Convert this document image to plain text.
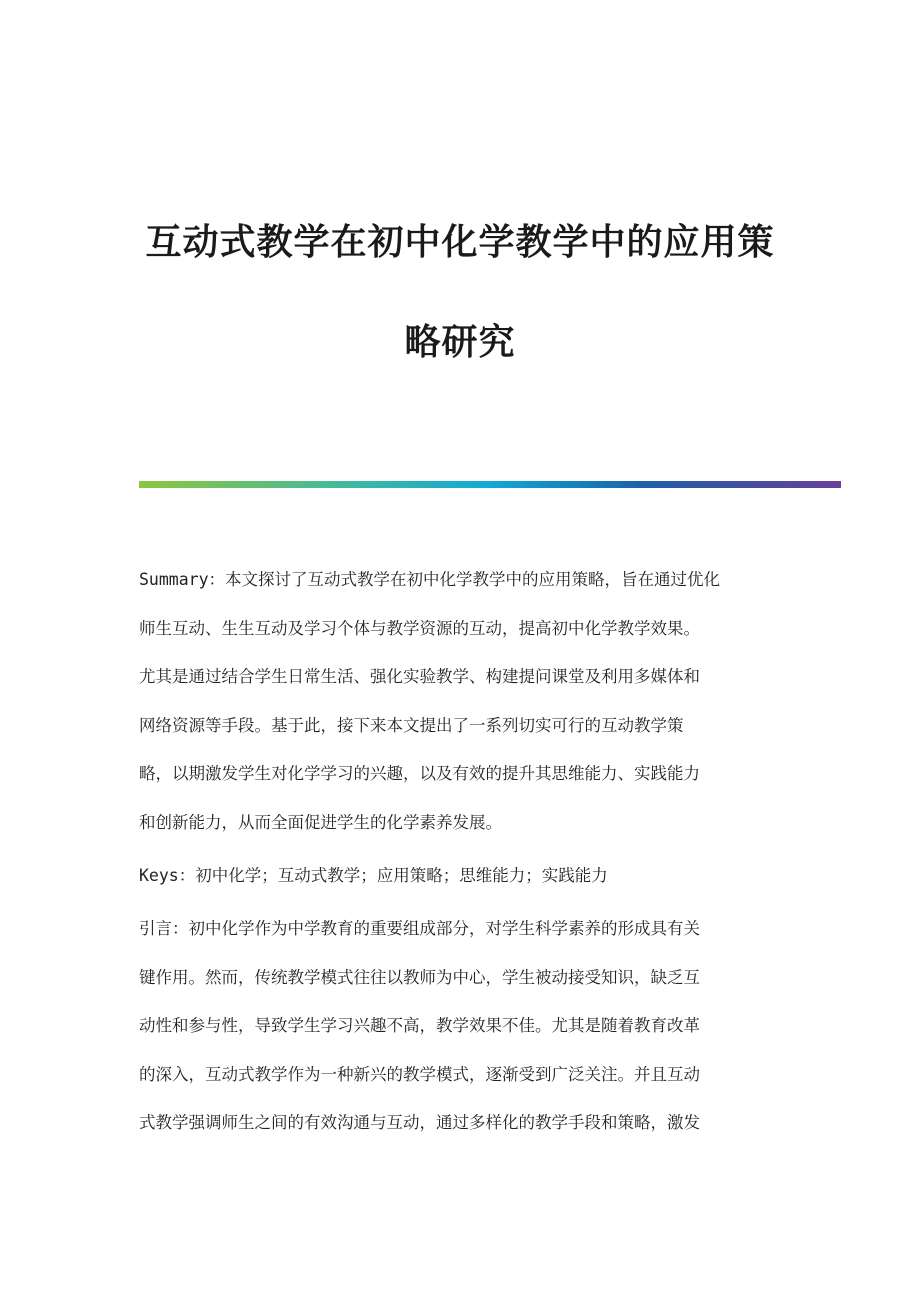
互动式教学在初中化学教学中的应用策
略研究
Summary：本文探讨了互动式教学在初中化学教学中的应用策略，旨在通过优化
师生互动、生生互动及学习个体与教学资源的互动，提高初中化学教学效果。
尤其是通过结合学生日常生活、强化实验教学、构建提问课堂及利用多媒体和
网络资源等手段。基于此，接下来本文提出了一系列切实可行的互动教学策
略，以期激发学生对化学学习的兴趣，以及有效的提升其思维能力、实践能力
和创新能力，从而全面促进学生的化学素养发展。
Keys：初中化学；互动式教学；应用策略；思维能力；实践能力
引言：初中化学作为中学教育的重要组成部分，对学生科学素养的形成具有关
键作用。然而，传统教学模式往往以教师为中心，学生被动接受知识，缺乏互
动性和参与性，导致学生学习兴趣不高，教学效果不佳。尤其是随着教育改革
的深入，互动式教学作为一种新兴的教学模式，逐渐受到广泛关注。并且互动
式教学强调师生之间的有效沟通与互动，通过多样化的教学手段和策略，激发
